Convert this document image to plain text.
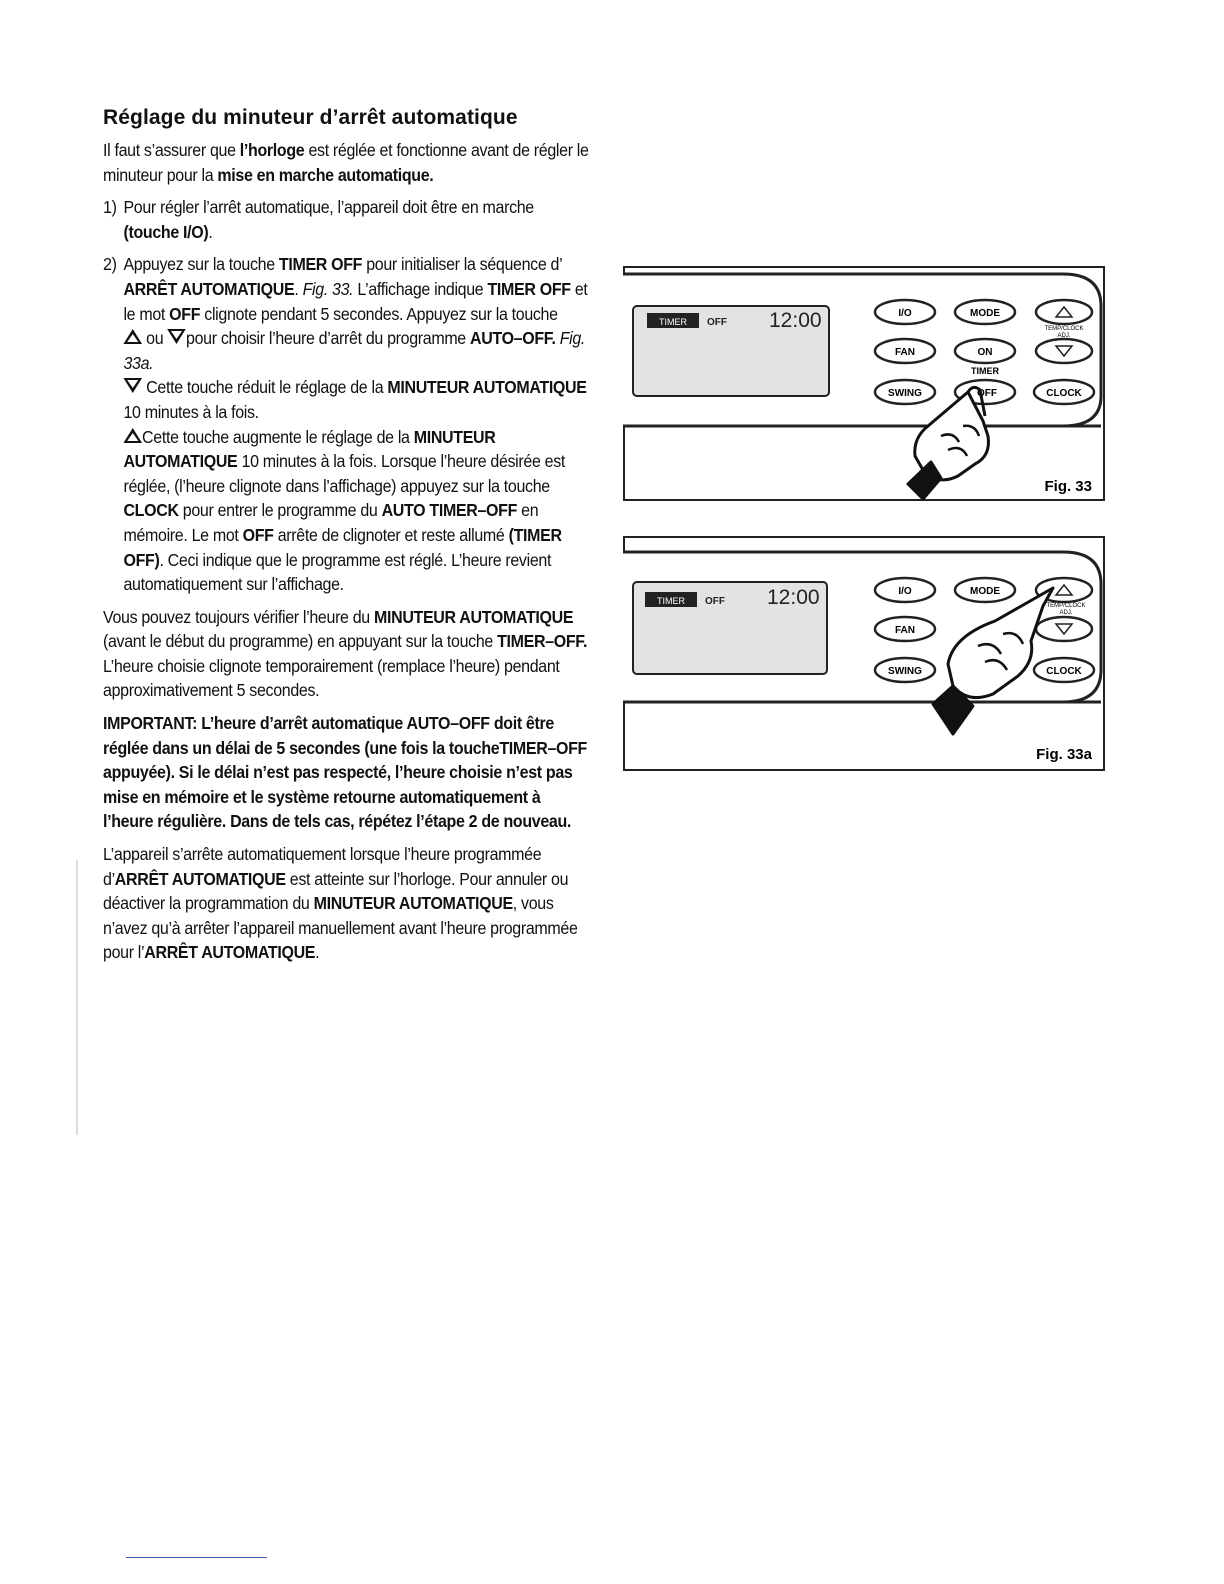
Réglage du minuteur d’arrêt automatique

Il faut s’assurer que l’horloge est réglée et fonctionne avant de régler le minuteur pour la mise en marche automatique.

1) Pour régler l’arrêt automatique, l’appareil doit être en marche (touche I/O).
2) Appuyez sur la touche TIMER OFF pour initialiser la séquence d’ ARRÊT AUTOMATIQUE. Fig. 33. L’affichage indique TIMER OFF et le mot OFF clignote pendant 5 secondes. Appuyez sur la touche
ou pour choisir l’heure d’arrêt du programme AUTO–OFF. Fig. 33a.
Cette touche réduit le réglage de la MINUTEUR AUTOMATIQUE 10 minutes à la fois.
Cette touche augmente le réglage de la MINUTEUR AUTOMATIQUE 10 minutes à la fois. Lorsque l’heure désirée est réglée, (l’heure clignote dans l’affichage) appuyez sur la touche CLOCK pour entrer le programme du AUTO TIMER–OFF en mémoire. Le mot OFF arrête de clignoter et reste allumé (TIMER OFF). Ceci indique que le programme est réglé. L’heure revient automatiquement sur l’affichage.

Vous pouvez toujours vérifier l’heure du MINUTEUR AUTOMATIQUE (avant le début du programme) en appuyant sur la touche TIMER–OFF. L’heure choisie clignote temporairement (remplace l’heure) pendant approximativement 5 secondes.

IMPORTANT: L’heure d’arrêt automatique AUTO–OFF doit être réglée dans un délai de 5 secondes (une fois la toucheTIMER–OFF appuyée). Si le délai n’est pas respecté, l’heure choisie n’est pas mise en mémoire et le système retourne automatiquement à l’heure régulière. Dans de tels cas, répétez l’étape 2 de nouveau.

L’appareil s’arrête automatiquement lorsque l’heure programmée d’ARRÊT AUTOMATIQUE est atteinte sur l’horloge. Pour annuler ou déactiver la programmation du MINUTEUR AUTOMATIQUE, vous n’avez qu’à arrêter l’appareil manuellement avant l’heure programmée pour l’ARRÊT AUTOMATIQUE.

TIMER OFF 12:00	I/O	MODE
TEMP/CLOCK
ADJ.
FAN	ON
TIMER
SWING	OFF	CLOCK
Fig. 33
TIMER OFF 12:00	I/O	MODE
TEMP/CLOCK
ADJ.
FAN
SWING	CLOCK
Fig. 33a
